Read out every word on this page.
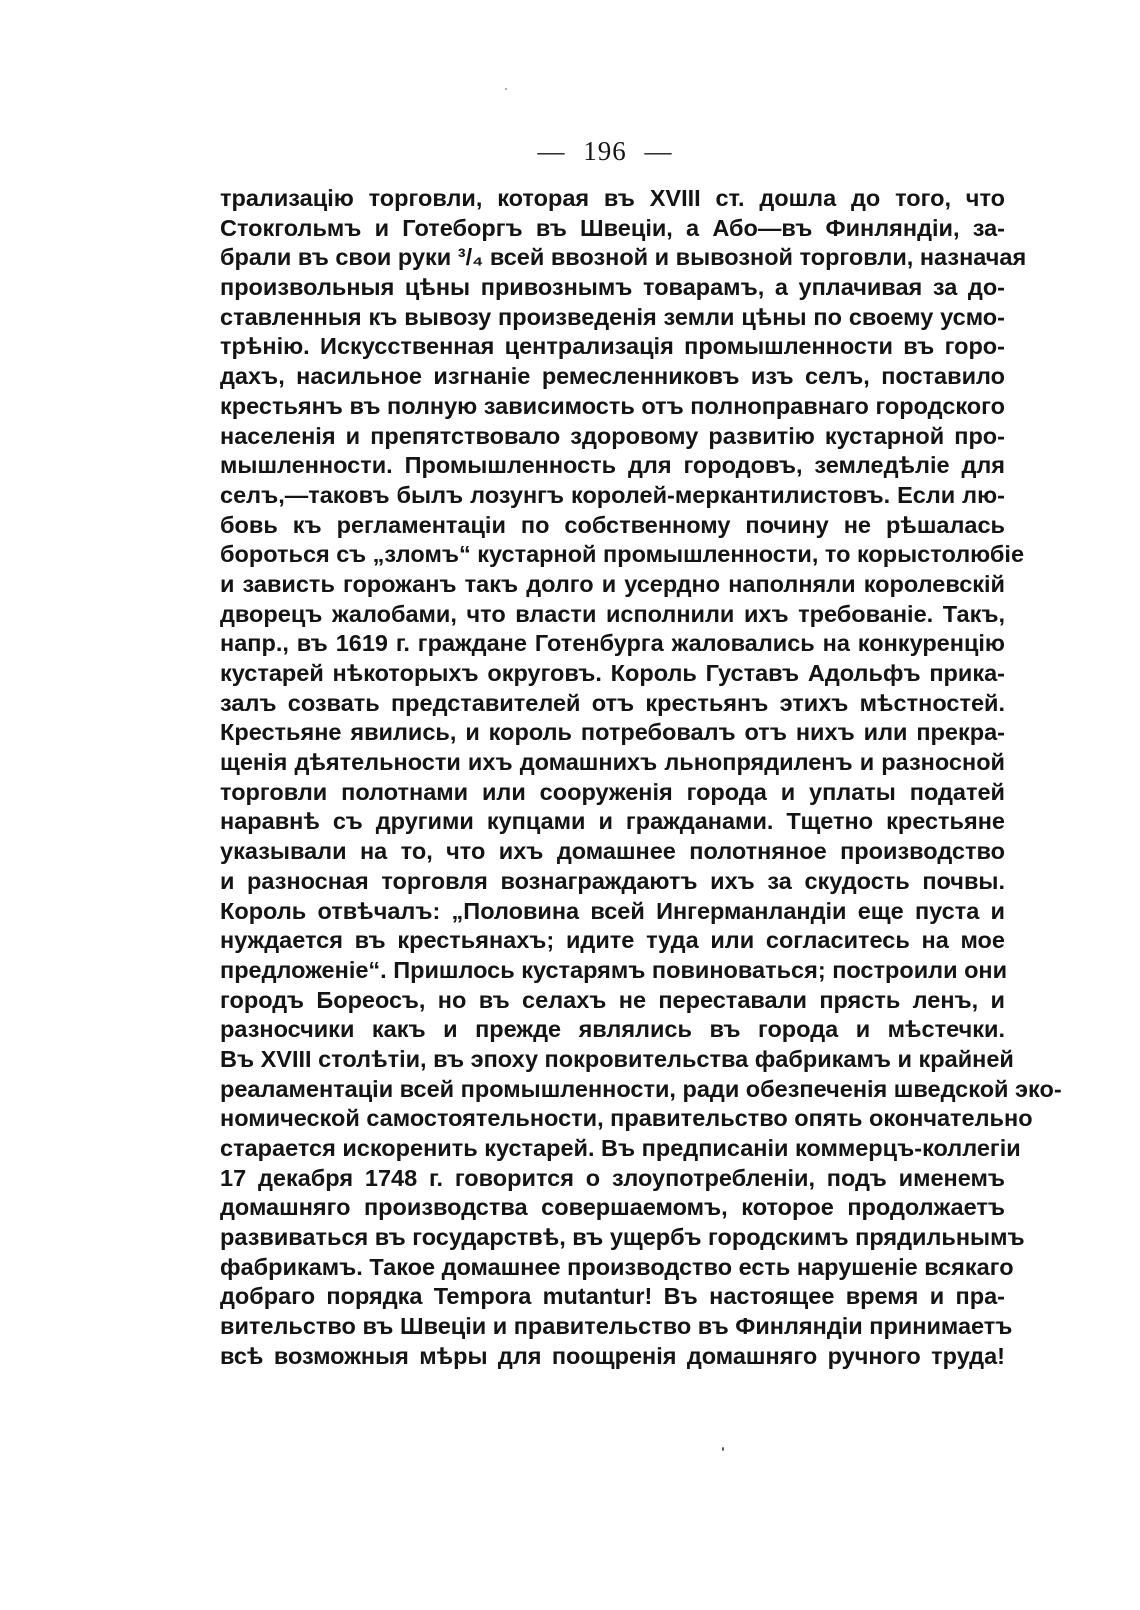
— 196 —
трализацію торговли, которая въ XVIII ст. дошла до того, что
Стокгольмъ и Готеборгъ въ Швеціи, а Або—въ Финляндіи, за-
брали въ свои руки ³/₄ всей ввозной и вывозной торговли, назначая
произвольныя цѣны привознымъ товарамъ, а уплачивая за до-
ставленныя къ вывозу произведенія земли цѣны по своему усмо-
трѣнію. Искусственная централизація промышленности въ горо-
дахъ, насильное изгнаніе ремесленниковъ изъ селъ, поставило
крестьянъ въ полную зависимость отъ полноправнаго городского
населенія и препятствовало здоровому развитію кустарной про-
мышленности. Промышленность для городовъ, земледѣліе для
селъ,—таковъ былъ лозунгъ королей-меркантилистовъ. Если лю-
бовь къ регламентаціи по собственному почину не рѣшалась
бороться съ „зломъ“ кустарной промышленности, то корыстолюбіе
и зависть горожанъ такъ долго и усердно наполняли королевскій
дворецъ жалобами, что власти исполнили ихъ требованіе. Такъ,
напр., въ 1619 г. граждане Готенбурга жаловались на конкуренцію
кустарей нѣкоторыхъ округовъ. Король Густавъ Адольфъ прика-
залъ созвать представителей отъ крестьянъ этихъ мѣстностей.
Крестьяне явились, и король потребовалъ отъ нихъ или прекра-
щенія дѣятельности ихъ домашнихъ льнопрядиленъ и разносной
торговли полотнами или сооруженія города и уплаты податей
наравнѣ съ другими купцами и гражданами. Тщетно крестьяне
указывали на то, что ихъ домашнее полотняное производство
и разносная торговля вознаграждаютъ ихъ за скудость почвы.
Король отвѣчалъ: „Половина всей Ингерманландіи еще пуста и
нуждается въ крестьянахъ; идите туда или согласитесь на мое
предложеніе“. Пришлось кустарямъ повиноваться; построили они
городъ Бореосъ, но въ селахъ не переставали прясть ленъ, и
разносчики какъ и прежде являлись въ города и мѣстечки.
Въ XVIII столѣтіи, въ эпоху покровительства фабрикамъ и крайней
реаламентаціи всей промышленности, ради обезпеченія шведской эко-
номической самостоятельности, правительство опять окончательно
старается искоренить кустарей. Въ предписаніи коммерцъ-коллегіи
17 декабря 1748 г. говорится о злоупотребленіи, подъ именемъ
домашняго производства совершаемомъ, которое продолжаетъ
развиваться въ государствѣ, въ ущербъ городскимъ прядильнымъ
фабрикамъ. Такое домашнее производство есть нарушеніе всякаго
добраго порядка Tempora mutantur! Въ настоящее время и пра-
вительство въ Швеціи и правительство въ Финляндіи принимаетъ
всѣ возможныя мѣры для поощренія домашняго ручного труда!
